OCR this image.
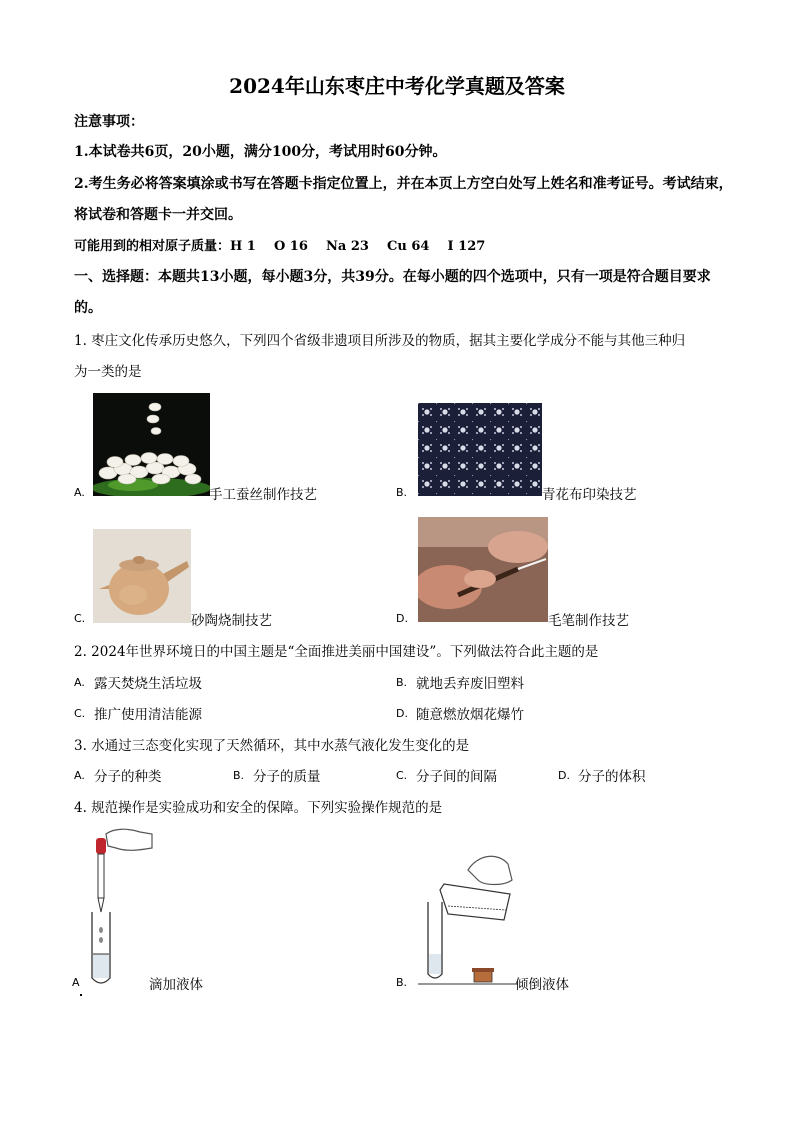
2024年山东枣庄中考化学真题及答案
注意事项：
1.本试卷共6页，20小题，满分100分，考试用时60分钟。
2.考生务必将答案填涂或书写在答题卡指定位置上，并在本页上方空白处写上姓名和准考证号。考试结束，
将试卷和答题卡一并交回。
可能用到的相对原子质量：H 1    O 16    Na 23    Cu 64    I 127
一、选择题：本题共13小题，每小题3分，共39分。在每小题的四个选项中，只有一项是符合题目要求
的。
1. 枣庄文化传承历史悠久，下列四个省级非遗项目所涉及的物质，据其主要化学成分不能与其他三种归
为一类的是
A.	手工蚕丝制作技艺	B.	青花布印染技艺
C.	砂陶烧制技艺	D.	毛笔制作技艺
2. 2024年世界环境日的中国主题是“全面推进美丽中国建设”。下列做法符合此主题的是
A. 露天焚烧生活垃圾	B. 就地丢弃废旧塑料
C. 推广使用清洁能源	D. 随意燃放烟花爆竹
3. 水通过三态变化实现了天然循环，其中水蒸气液化发生变化的是
A. 分子的种类	B. 分子的质量	C. 分子间的间隔	D. 分子的体积
4. 规范操作是实验成功和安全的保障。下列实验操作规范的是
A	滴加液体	B.	倾倒液体
